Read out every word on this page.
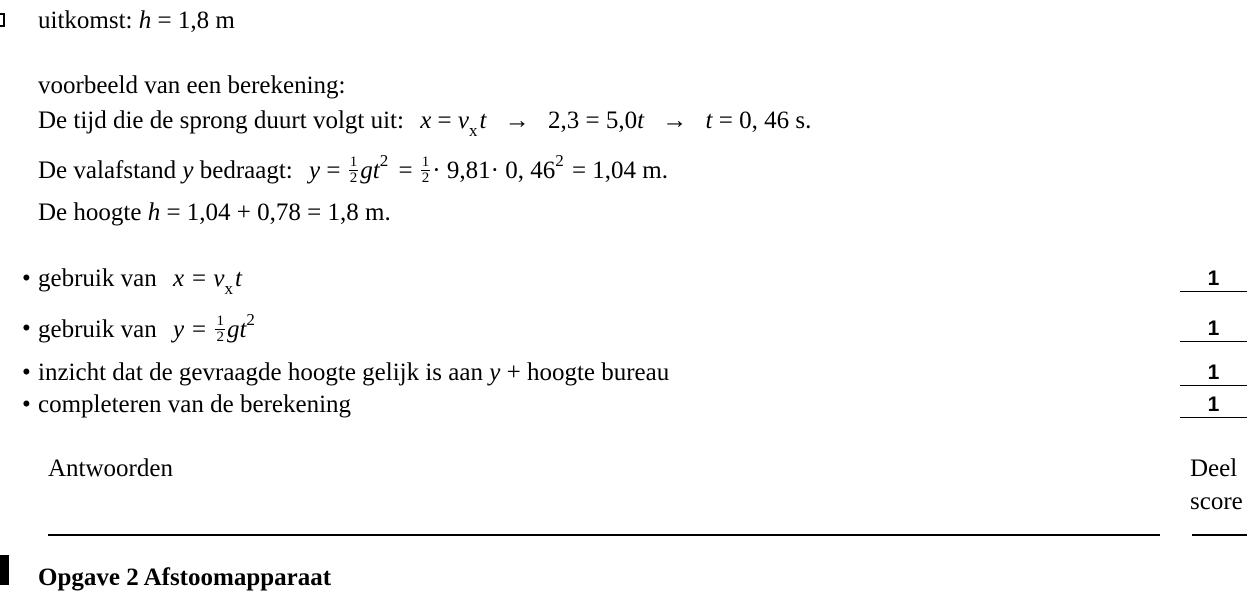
uitkomst: h = 1,8 m
voorbeeld van een berekening:
De tijd die de sprong duurt volgt uit: $x = v_xt \to 2,3 = 5,0t \to t = 0$, 46 s.
De valafstand y bedraagt: $y = \frac{1}{2} gt^2 = \frac{1}{2} \cdot 9,81\cdot 0$, $46^2 = 1,04$ m.
De hoogte h = 1,04 + 0,78 = 1,8 m.
• gebruik van $x = v_xt$	1
• gebruik van $y = \frac{1}{2} gt^2$	1
• inzicht dat de gevraagde hoogte gelijk is aan y + hoogte bureau	1
• completeren van de berekening	1
Antwoorden	Deel
score
Opgave 2 Afstoomapparaat
